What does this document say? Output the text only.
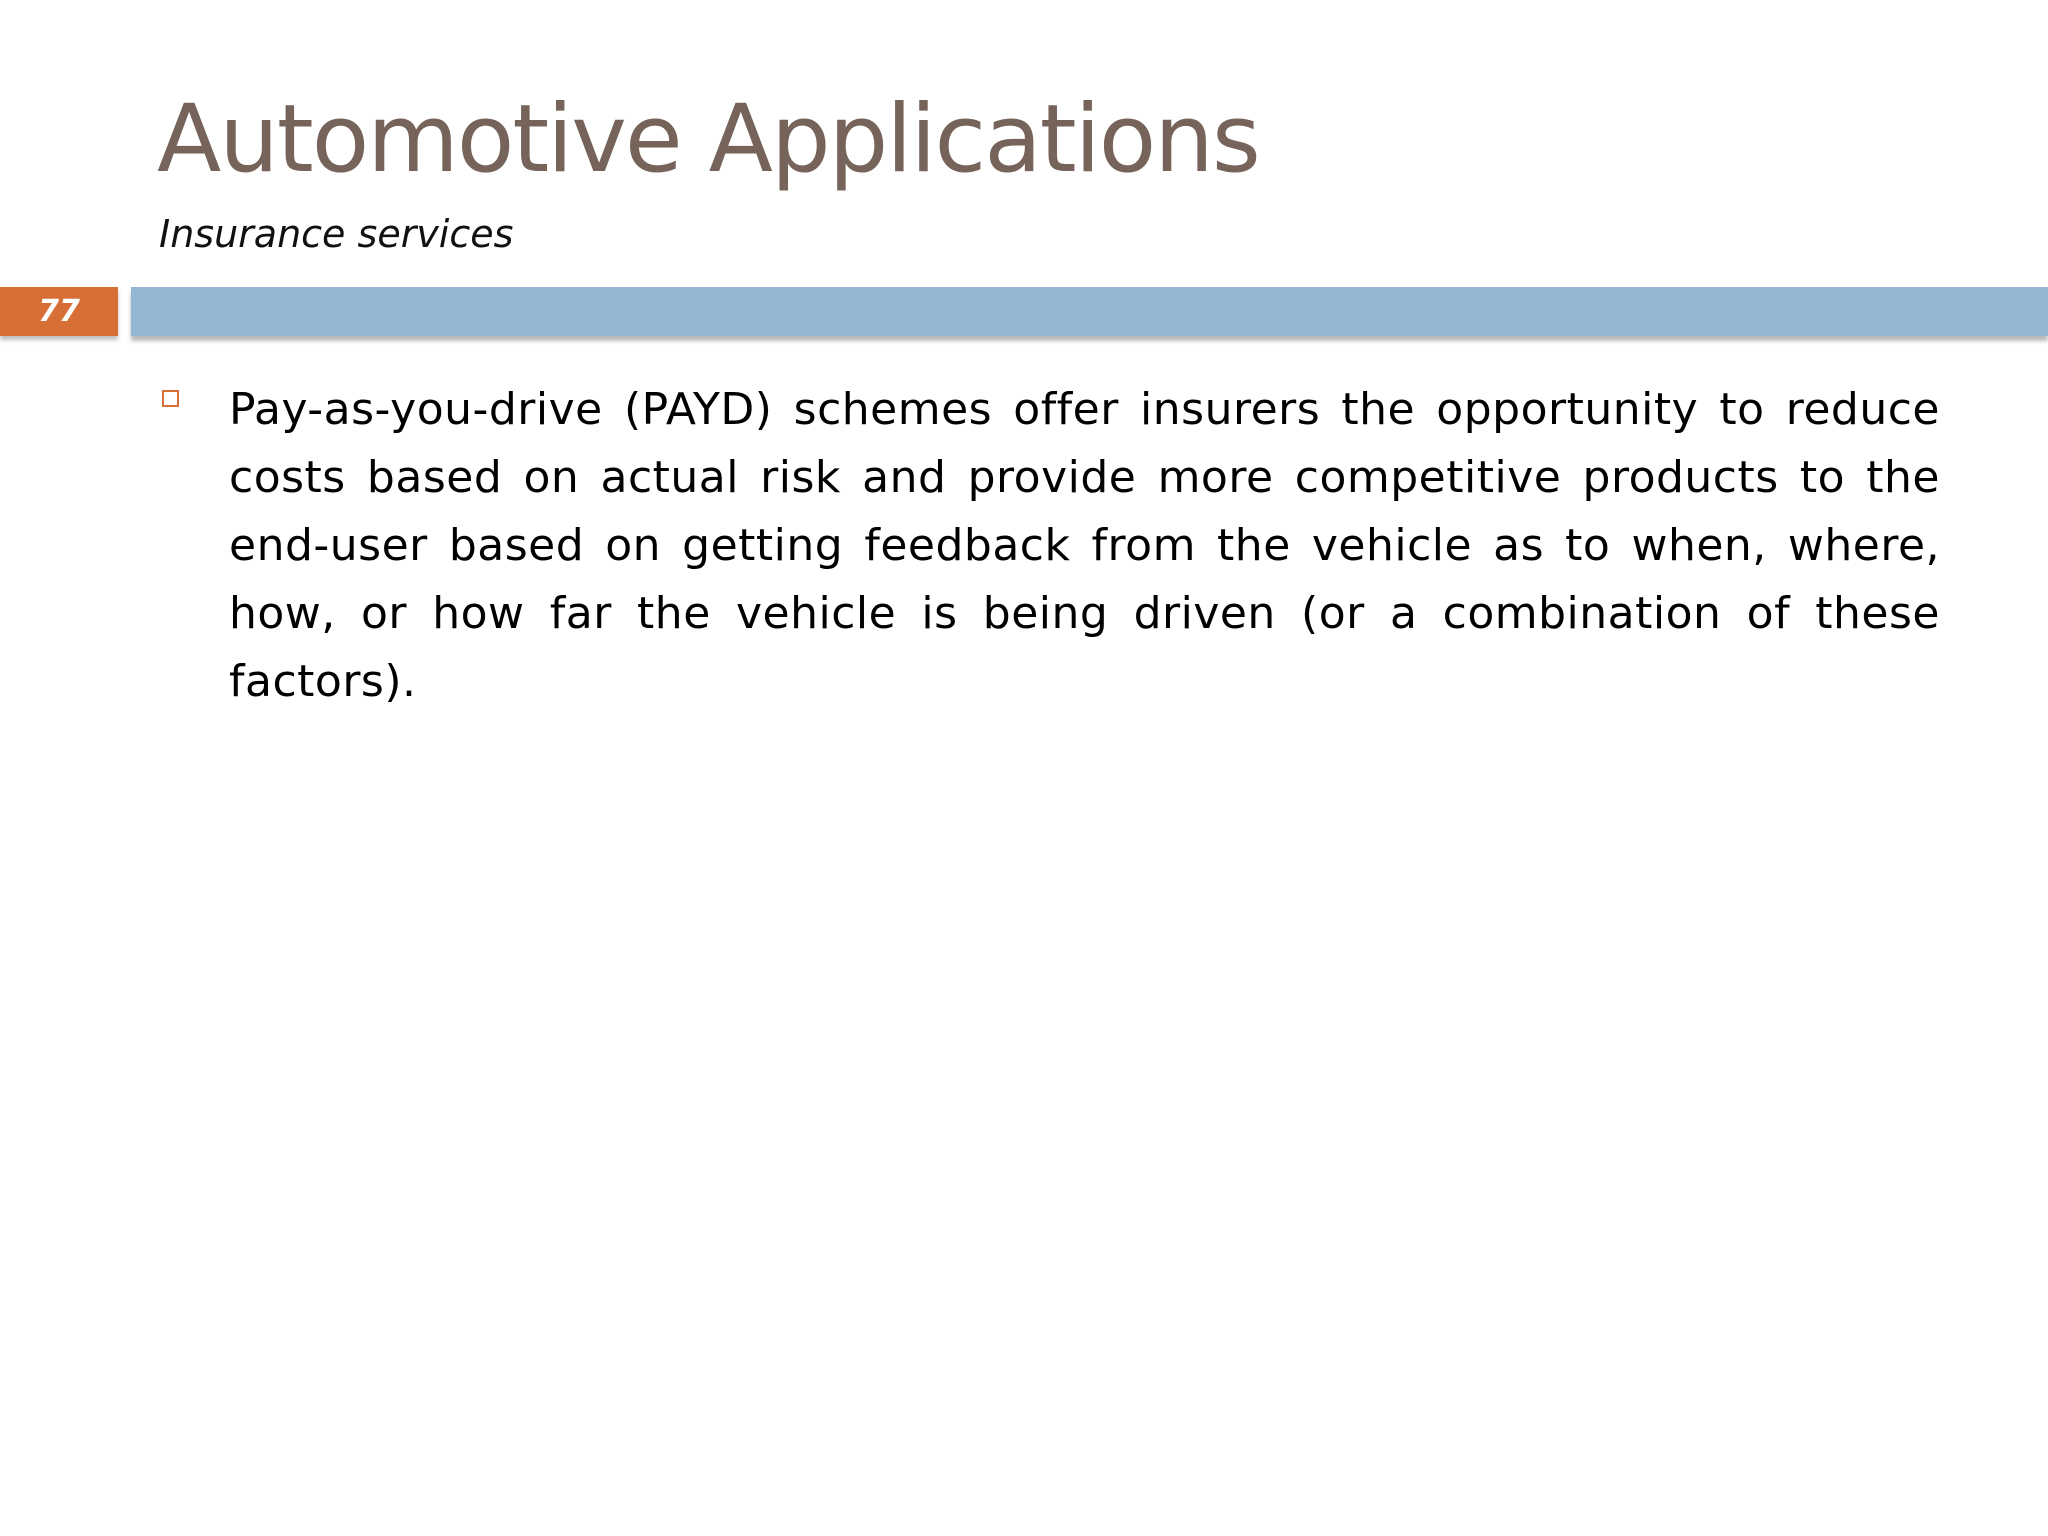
Automotive Applications

Insurance services

77

Pay-as-you-drive (PAYD) schemes offer insurers the opportunity to reduce costs based on actual risk and provide more competitive products to the end-user based on getting feedback from the vehicle as to when, where, how, or how far the vehicle is being driven (or a combination of these factors).
